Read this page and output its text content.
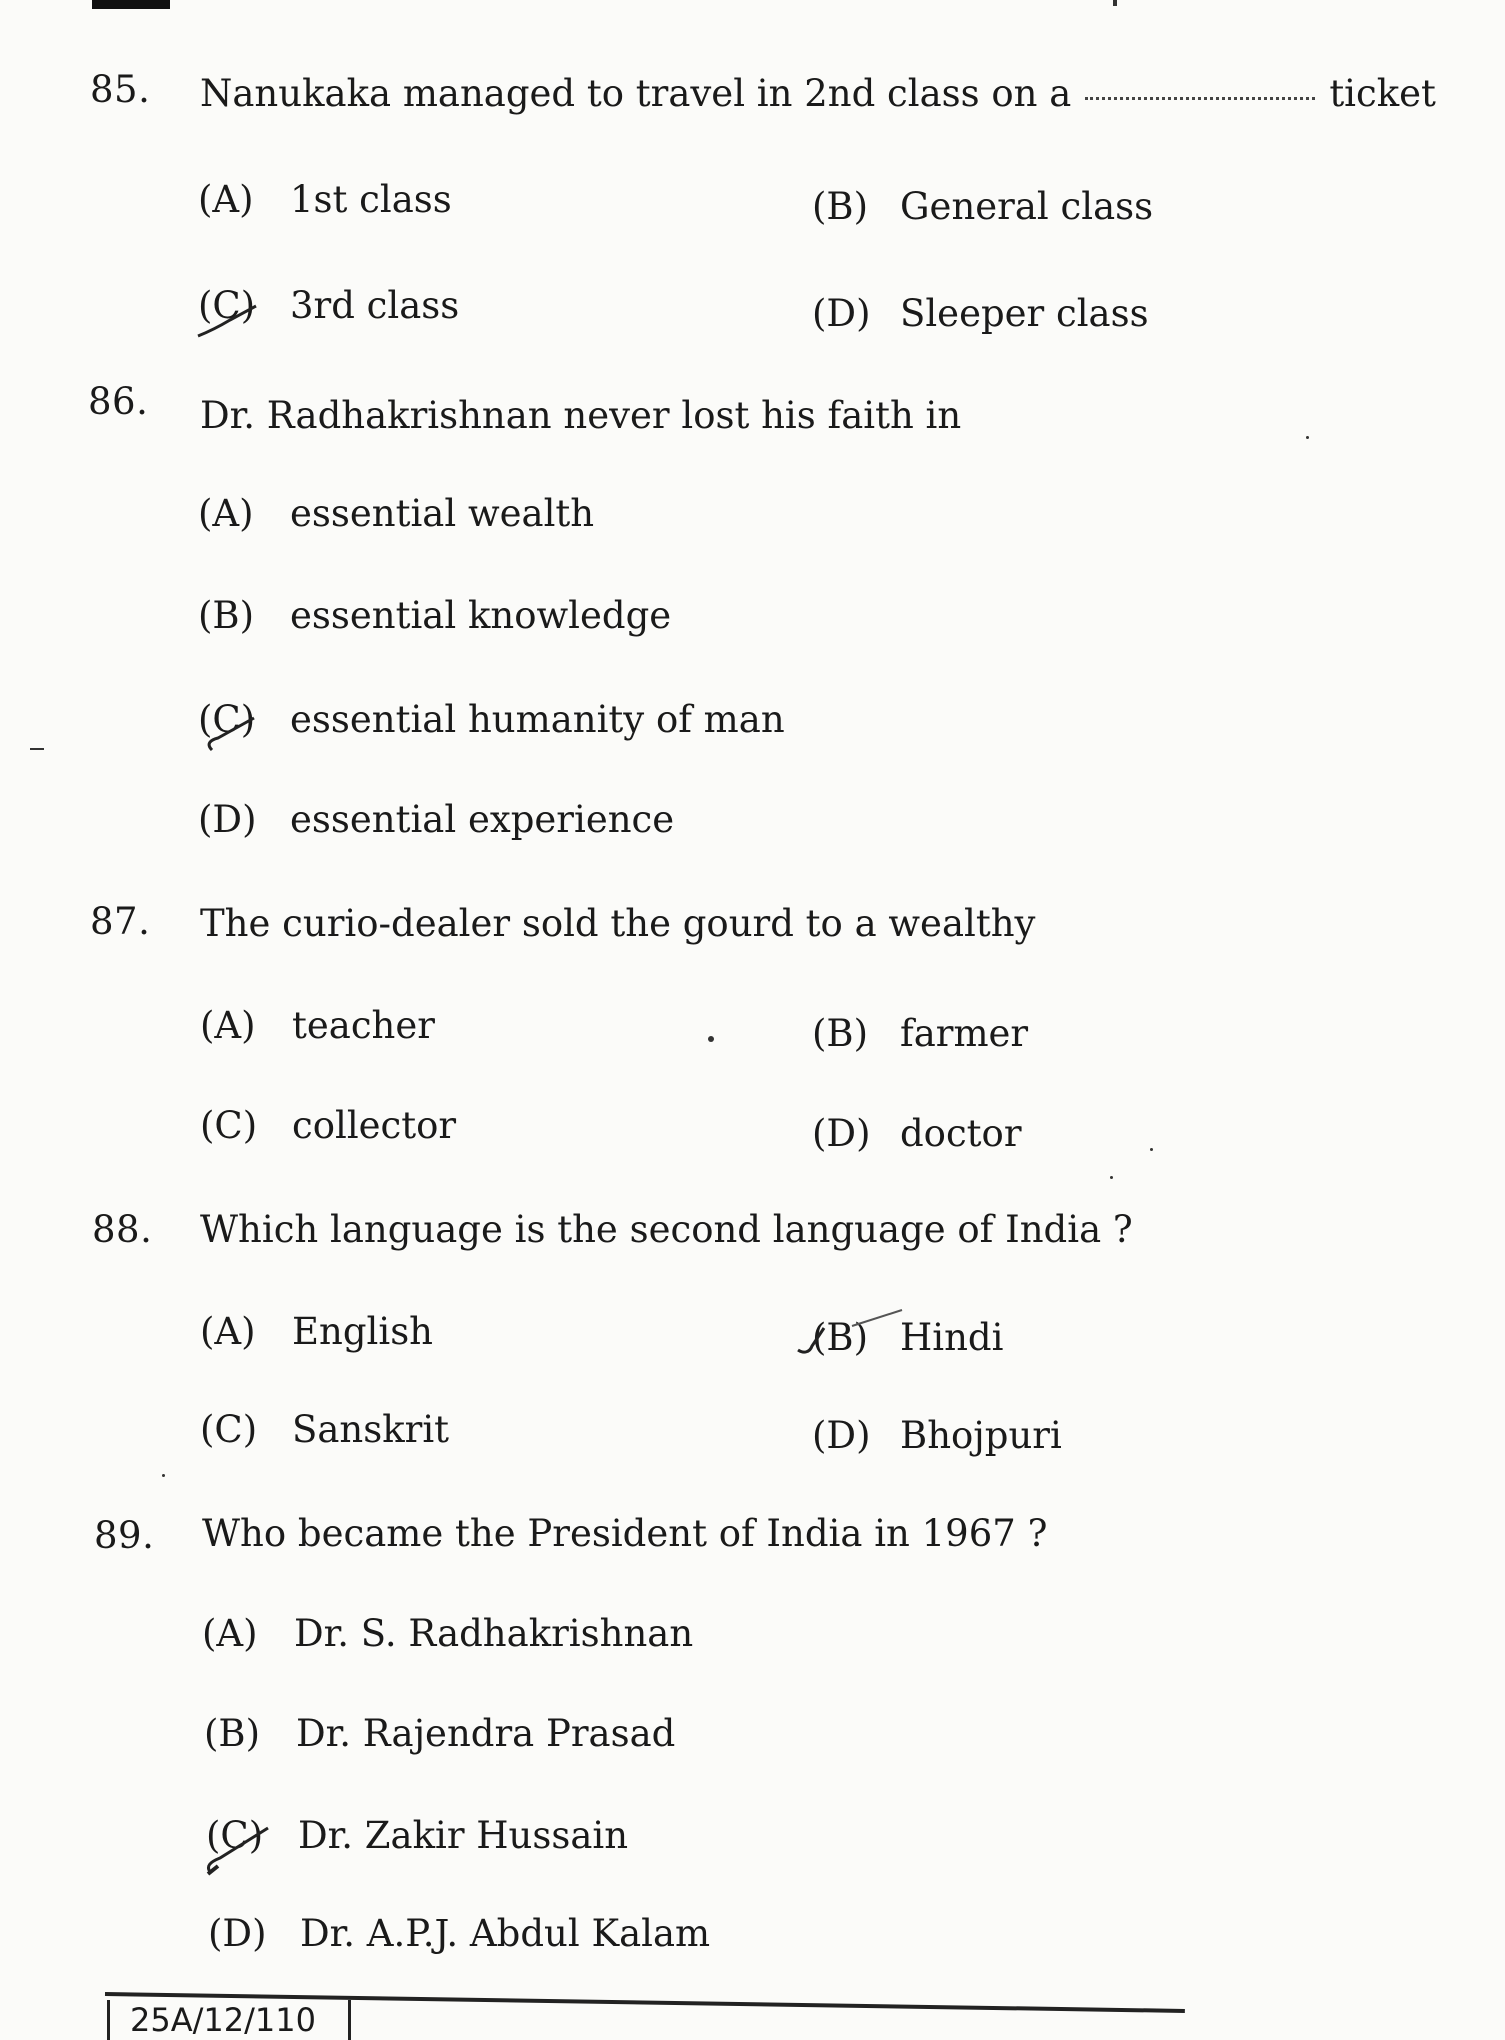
85. Nanukaka managed to travel in 2nd class on a	ticket
(A) 1st class	(B) General class
(C) 3rd class	(D) Sleeper class
86. Dr. Radhakrishnan never lost his faith in
(A) essential wealth
(B) essential knowledge
(C) essential humanity of man
(D) essential experience
87. The curio-dealer sold the gourd to a wealthy
(A) teacher	(B) farmer
(C) collector	(D) doctor
88. Which language is the second language of India ?
(A) English	(B) Hindi
(C) Sanskrit	(D) Bhojpuri
89. Who became the President of India in 1967 ?
(A) Dr. S. Radhakrishnan
(B) Dr. Rajendra Prasad
(C) Dr. Zakir Hussain
(D) Dr. A.P.J. Abdul Kalam
25A/12/110
